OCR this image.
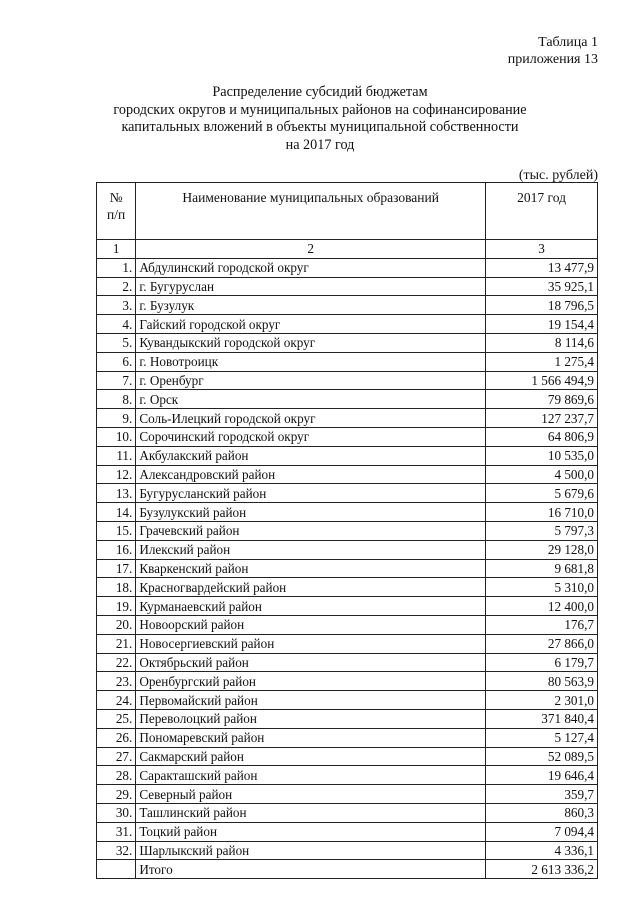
Таблица 1
приложения 13
Распределение субсидий бюджетам
городских округов и муниципальных районов на софинансирование
капитальных вложений в объекты муниципальной собственности
на 2017 год
(тыс. рублей)
№
п/п	Наименование муниципальных образований	2017 год
1	2	3
1.	Абдулинский городской округ	13 477,9
2.	г. Бугуруслан	35 925,1
3.	г. Бузулук	18 796,5
4.	Гайский городской округ	19 154,4
5.	Кувандыкский городской округ	8 114,6
6.	г. Новотроицк	1 275,4
7.	г. Оренбург	1 566 494,9
8.	г. Орск	79 869,6
9.	Соль-Илецкий городской округ	127 237,7
10.	Сорочинский городской округ	64 806,9
11.	Акбулакский район	10 535,0
12.	Александровский район	4 500,0
13.	Бугурусланский район	5 679,6
14.	Бузулукский район	16 710,0
15.	Грачевский район	5 797,3
16.	Илекский район	29 128,0
17.	Кваркенский район	9 681,8
18.	Красногвардейский район	5 310,0
19.	Курманаевский район	12 400,0
20.	Новоорский район	176,7
21.	Новосергиевский район	27 866,0
22.	Октябрьский район	6 179,7
23.	Оренбургский район	80 563,9
24.	Первомайский район	2 301,0
25.	Переволоцкий район	371 840,4
26.	Пономаревский район	5 127,4
27.	Сакмарский район	52 089,5
28.	Саракташский район	19 646,4
29.	Северный район	359,7
30.	Ташлинский район	860,3
31.	Тоцкий район	7 094,4
32.	Шарлыкский район	4 336,1
	Итого	2 613 336,2
